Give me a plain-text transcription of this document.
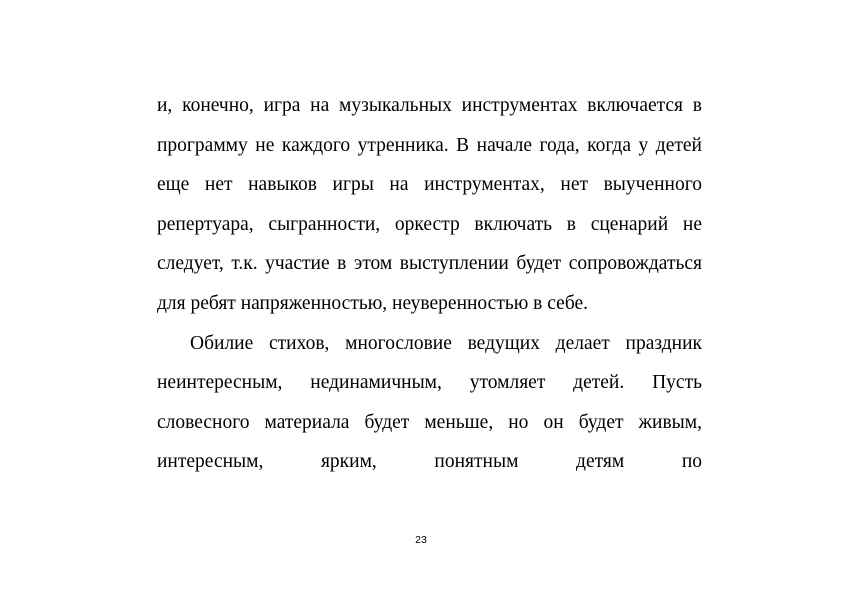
и, конечно, игра на музыкальных инструментах включается в программу не каждого утренника. В начале года, когда у детей еще нет навыков игры на инструментах, нет выученного репертуара, сыгранности, оркестр включать в сценарий не следует, т.к. участие в этом выступлении будет сопровождаться для ребят напряженностью, неуверенностью в себе.

Обилие стихов, многословие ведущих делает праздник неинтересным, нединамичным, утомляет детей. Пусть словесного материала будет меньше, но он будет живым, интересным, ярким, понятным детям по

23
